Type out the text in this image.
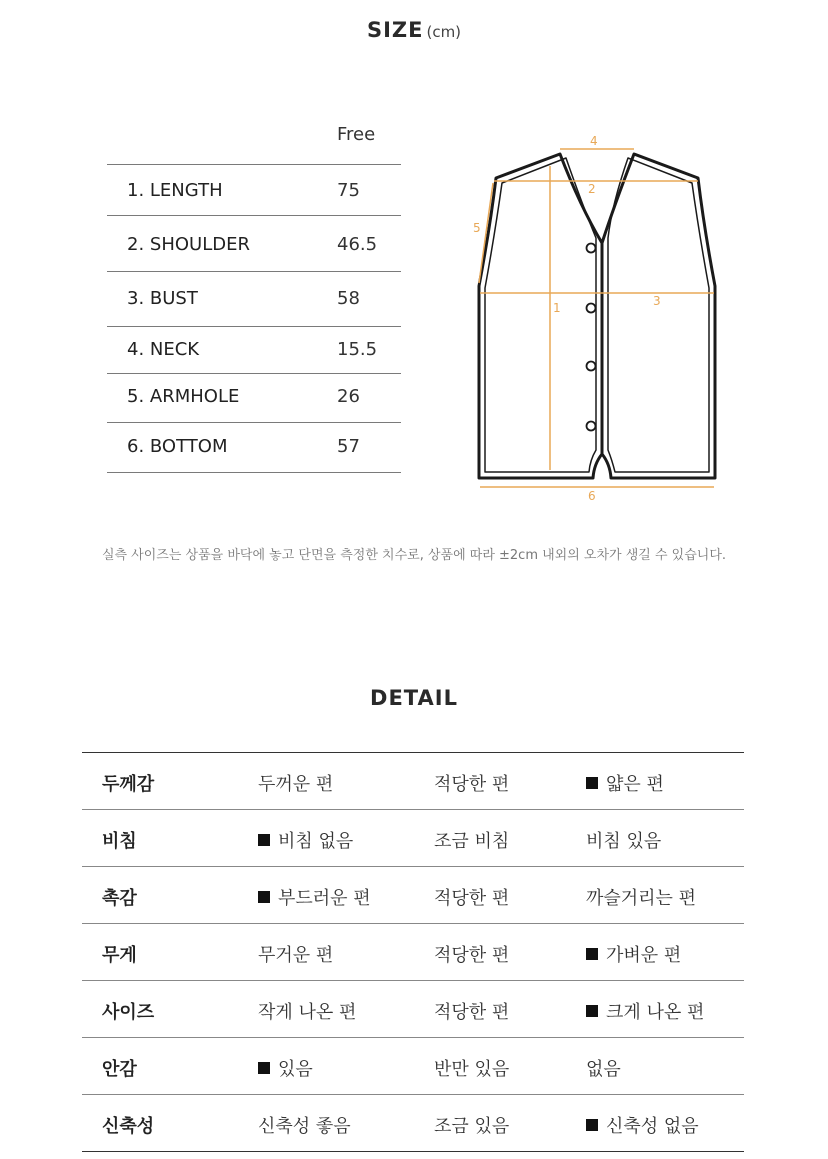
SIZE (cm)
Free
1. LENGTH	75
2. SHOULDER	46.5
3. BUST	58
4. NECK	15.5
5. ARMHOLE	26
6. BOTTOM	57
1
2
3
4
5
6
실측 사이즈는 상품을 바닥에 놓고 단면을 측정한 치수로, 상품에 따라 ±2cm 내외의 오차가 생길 수 있습니다.
DETAIL
두께감	두꺼운 편	적당한 편	얇은 편
비침	비침 없음	조금 비침	비침 있음
촉감	부드러운 편	적당한 편	까슬거리는 편
무게	무거운 편	적당한 편	가벼운 편
사이즈	작게 나온 편	적당한 편	크게 나온 편
안감	있음	반만 있음	없음
신축성	신축성 좋음	조금 있음	신축성 없음
